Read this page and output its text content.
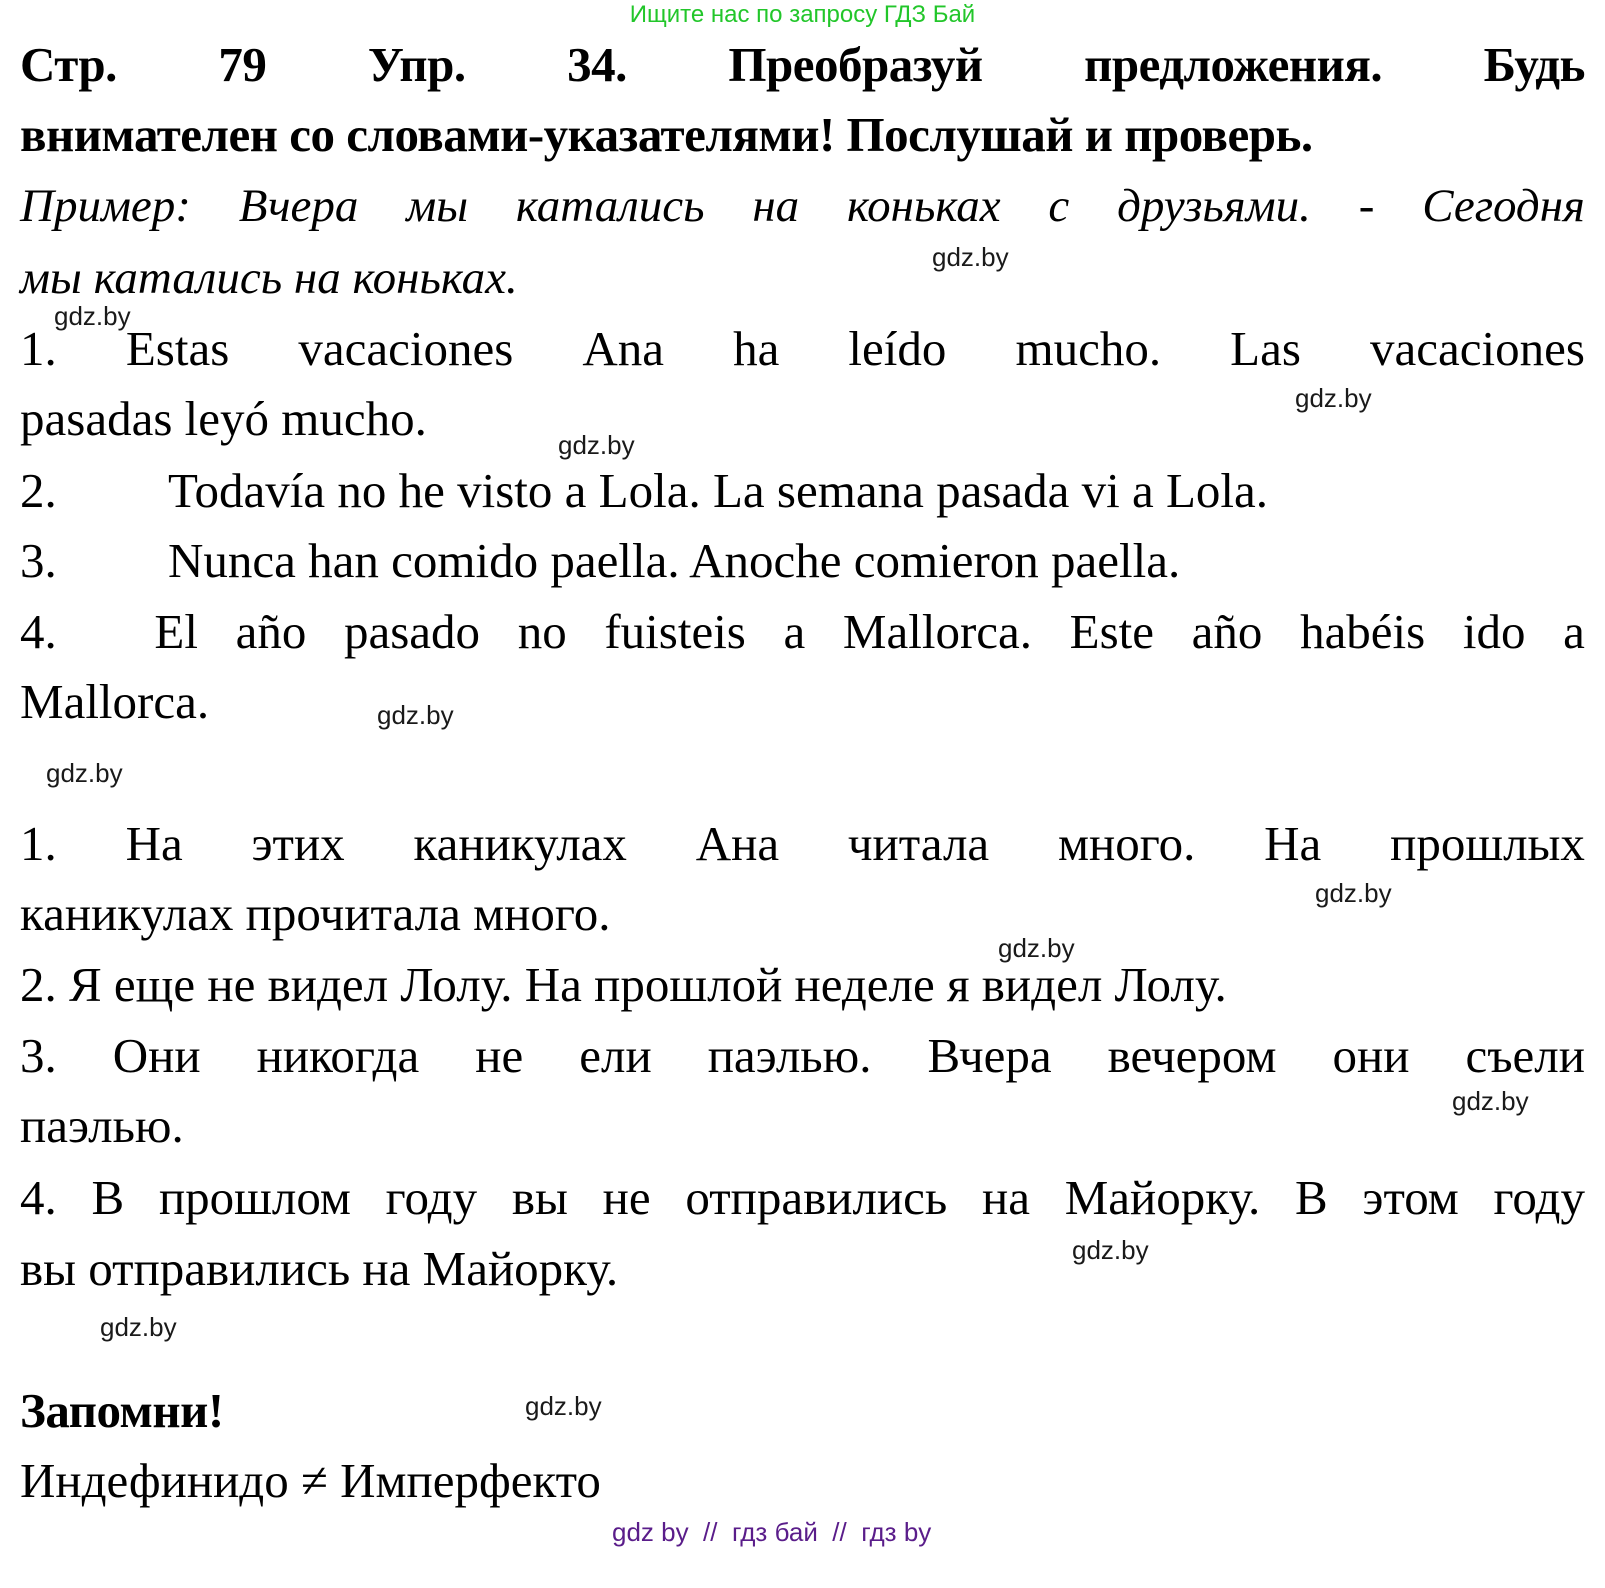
Ищите нас по запросу ГДЗ Бай
Стр. 79 Упр. 34. Преобразуй предложения. Будь
внимателен со словами-указателями! Послушай и проверь.
Пример: Вчера мы катались на коньках с друзьями. - Сегодня
мы катались на коньках.
1. Estas vacaciones Ana ha leído mucho. Las vacaciones
pasadas leyó mucho.
2. Todavía no he visto a Lola. La semana pasada vi a Lola.
3. Nunca han comido paella. Anoche comieron paella.
4. El año pasado no fuisteis a Mallorca. Este año habéis ido a
Mallorca.
1. На этих каникулах Ана читала много. На прошлых
каникулах прочитала много.
2. Я еще не видел Лолу. На прошлой неделе я видел Лолу.
3. Они никогда не ели паэлью. Вчера вечером они съели
паэлью.
4. В прошлом году вы не отправились на Майорку. В этом году
вы отправились на Майорку.
Запомни!
Индефинидо ≠ Имперфекто
gdz.by
gdz.by
gdz.by
gdz.by
gdz.by
gdz.by
gdz.by
gdz.by
gdz.by
gdz.by
gdz.by
gdz.by
gdz by  //  гдз бай  //  гдз by
